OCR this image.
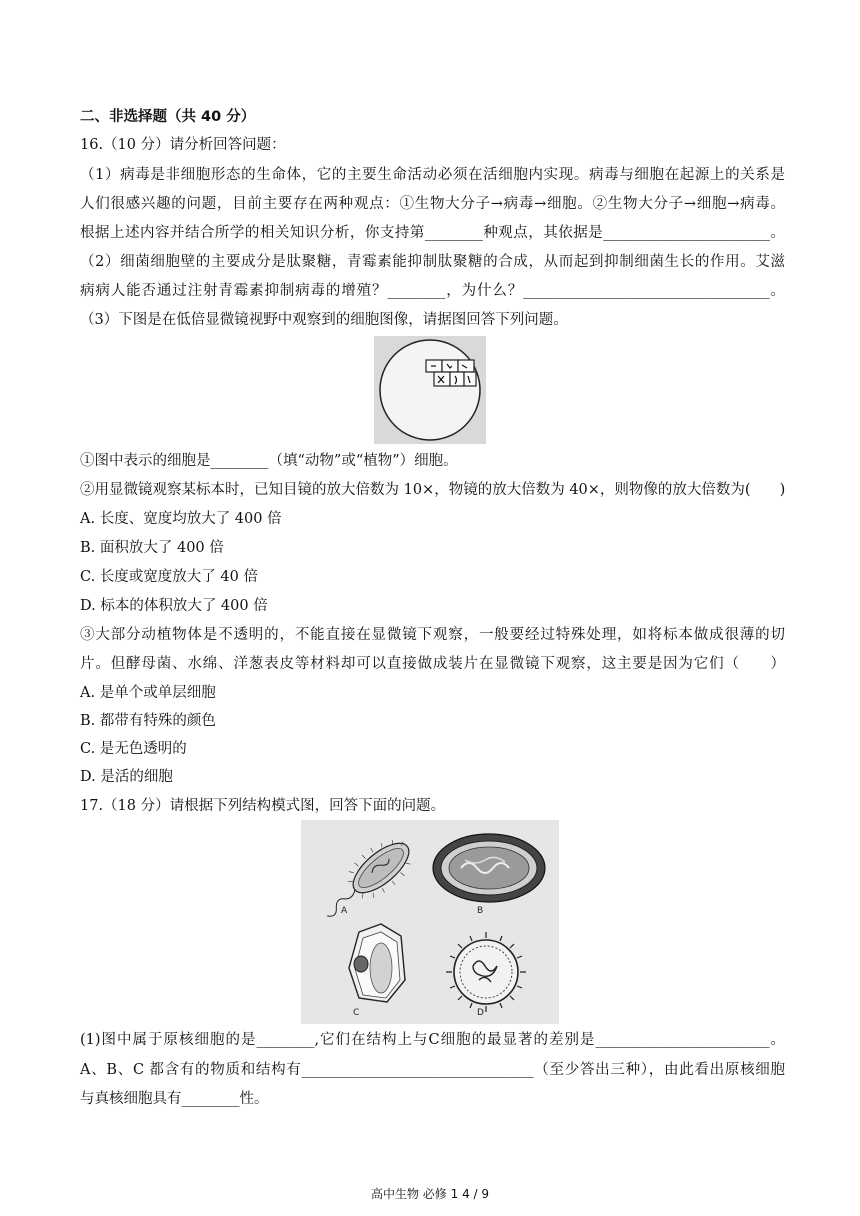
二、非选择题（共 40 分）
16.（10 分）请分析回答问题：
（1）病毒是非细胞形态的生命体，它的主要生命活动必须在活细胞内实现。病毒与细胞在起源上的关系是
人们很感兴趣的问题，目前主要存在两种观点：①生物大分子→病毒→细胞。②生物大分子→细胞→病毒。
根据上述内容并结合所学的相关知识分析，你支持第________种观点，其依据是_______________________。
（2）细菌细胞壁的主要成分是肽聚糖，青霉素能抑制肽聚糖的合成，从而起到抑制细菌生长的作用。艾滋
病病人能否通过注射青霉素抑制病毒的增殖？________，为什么？__________________________________。
（3）下图是在低倍显微镜视野中观察到的细胞图像，请据图回答下列问题。
①图中表示的细胞是________（填“动物”或“植物”）细胞。
②用显微镜观察某标本时，已知目镜的放大倍数为 10×，物镜的放大倍数为 40×，则物像的放大倍数为(　　)
A. 长度、宽度均放大了 400 倍
B. 面积放大了 400 倍
C. 长度或宽度放大了 40 倍
D. 标本的体积放大了 400 倍
③大部分动植物体是不透明的，不能直接在显微镜下观察，一般要经过特殊处理，如将标本做成很薄的切
片。但酵母菌、水绵、洋葱表皮等材料却可以直接做成装片在显微镜下观察，这主要是因为它们（　　）
A. 是单个或单层细胞
B. 都带有特殊的颜色
C. 是无色透明的
D. 是活的细胞
17.（18 分）请根据下列结构模式图，回答下面的问题。
A	B
C	D
(1)图中属于原核细胞的是________,它们在结构上与C细胞的最显著的差别是________________________。
A、B、C 都含有的物质和结构有________________________________（至少答出三种），由此看出原核细胞
与真核细胞具有________性。
高中生物 必修 1 4 / 9
